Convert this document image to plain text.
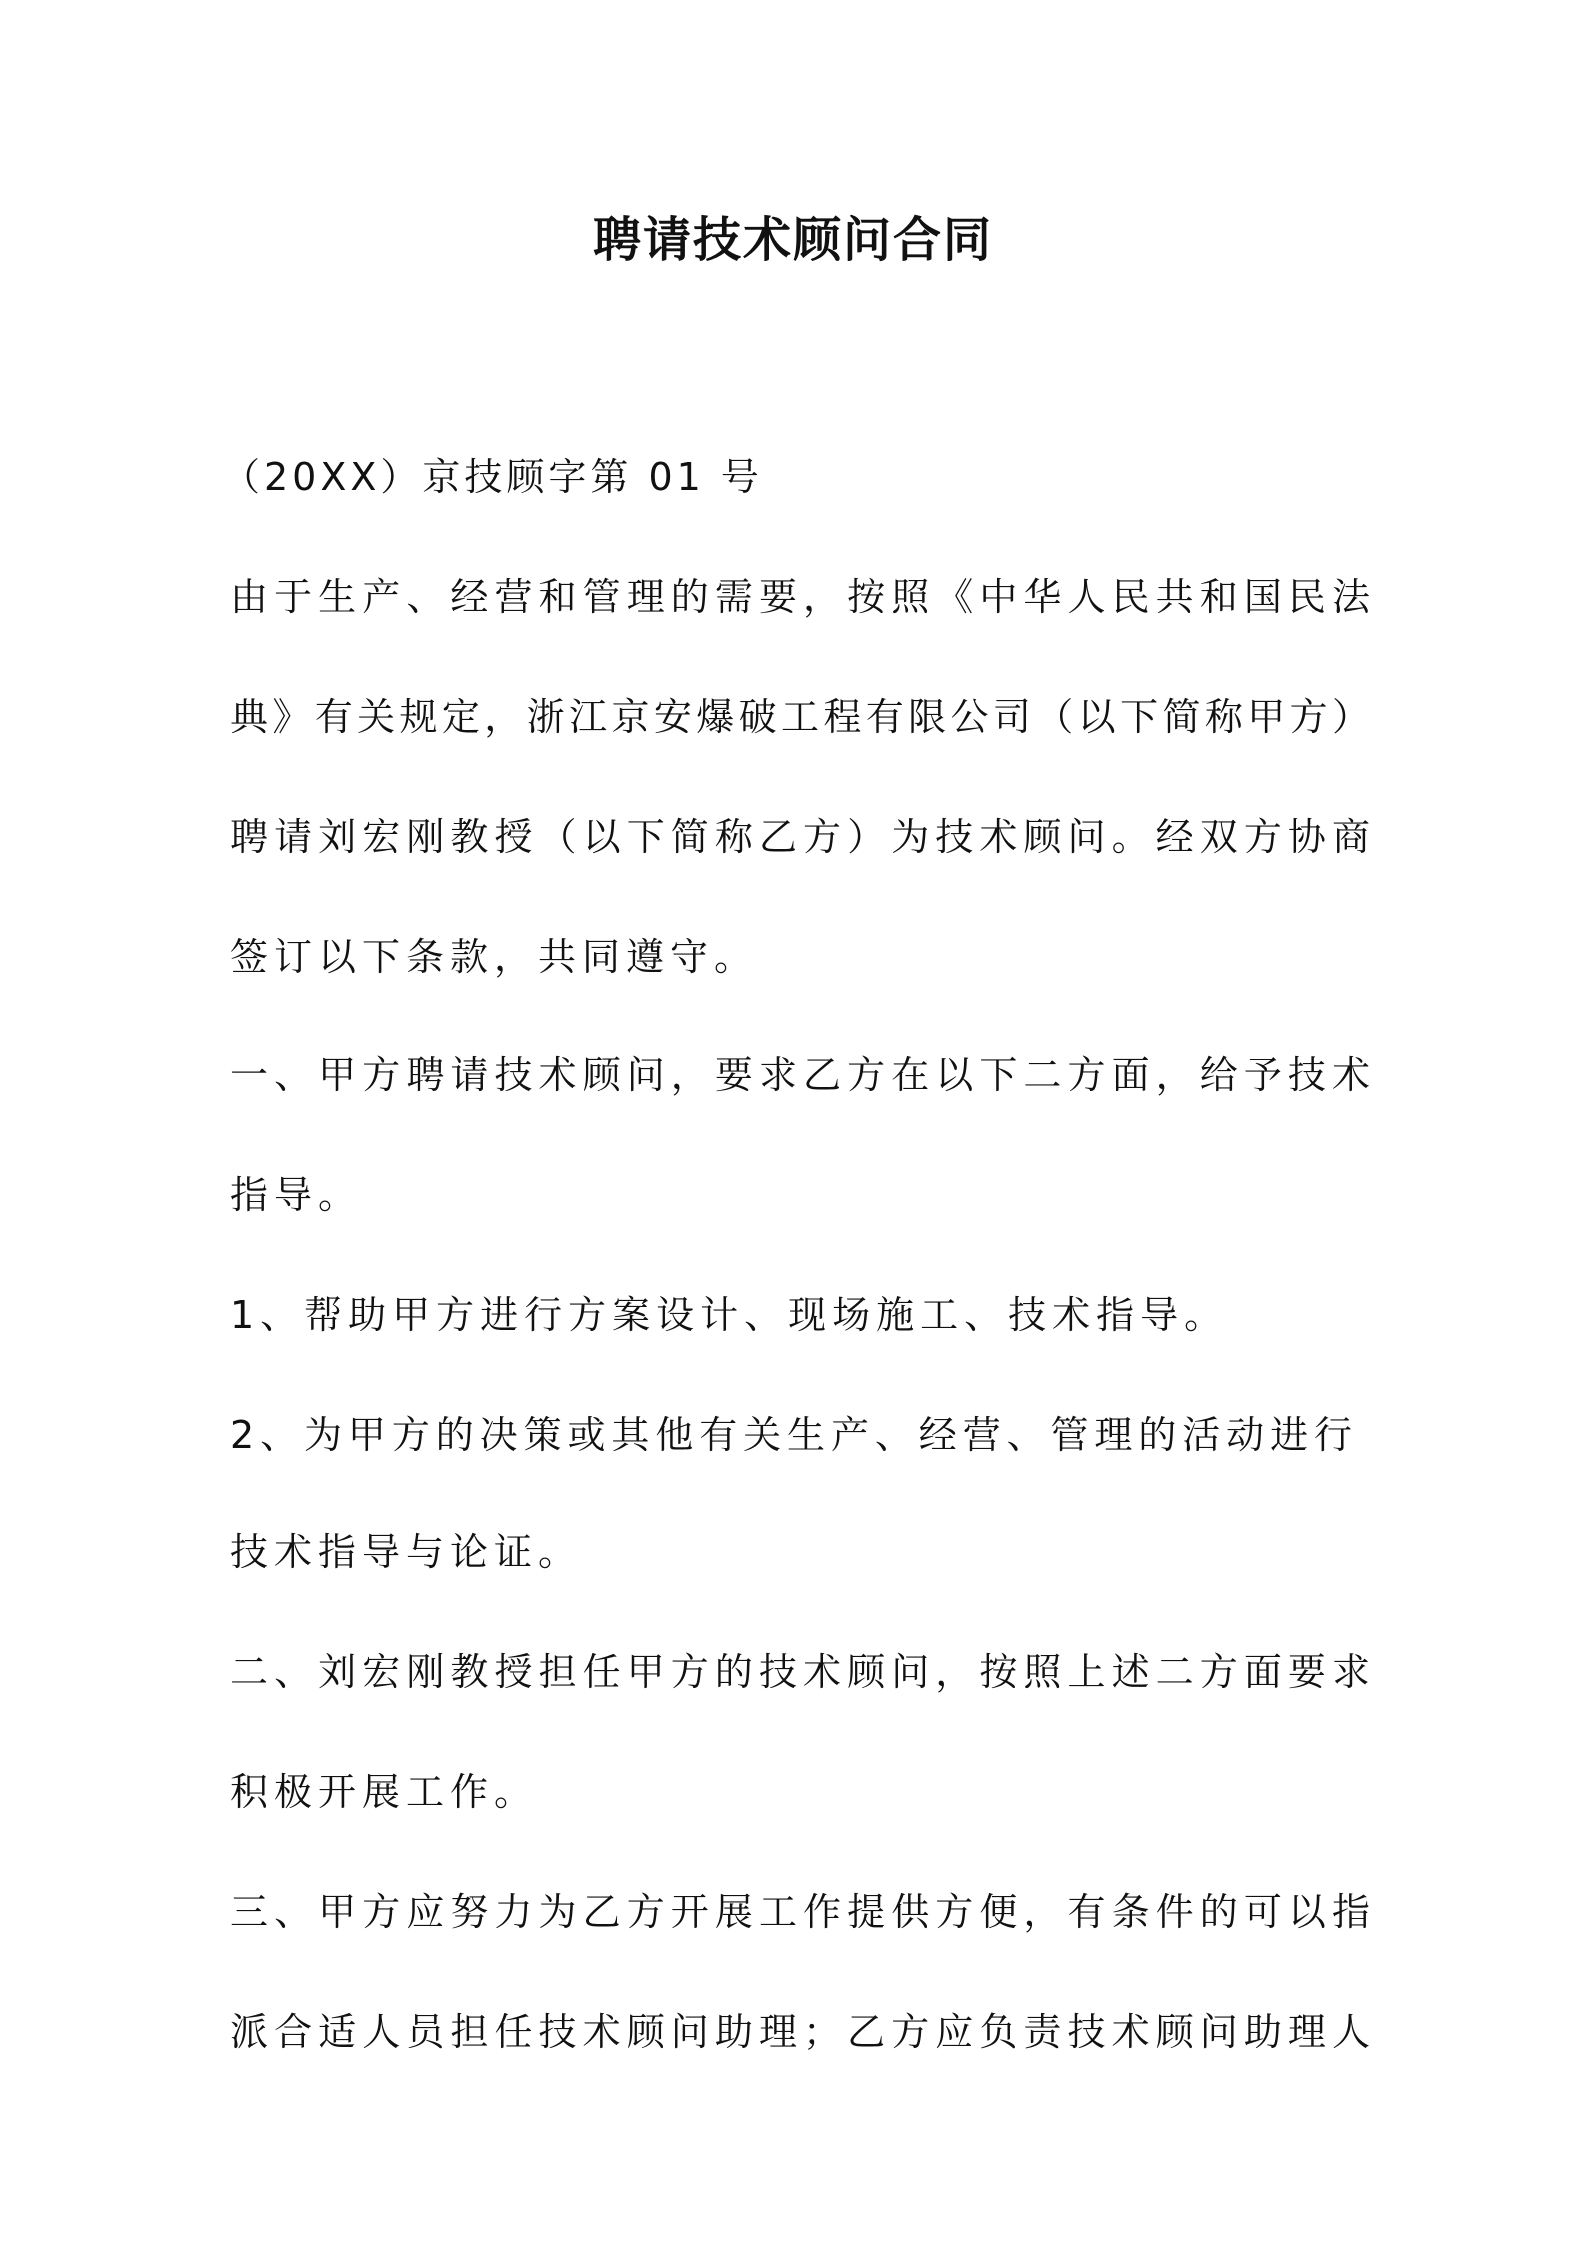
聘请技术顾问合同
（20XX）京技顾字第 01 号
由于生产、经营和管理的需要，按照《中华人民共和国民法
典》有关规定，浙江京安爆破工程有限公司（以下简称甲方）
聘请刘宏刚教授（以下简称乙方）为技术顾问。经双方协商
签订以下条款，共同遵守。
一、甲方聘请技术顾问，要求乙方在以下二方面，给予技术
指导。
1、帮助甲方进行方案设计、现场施工、技术指导。
2、为甲方的决策或其他有关生产、经营、管理的活动进行
技术指导与论证。
二、刘宏刚教授担任甲方的技术顾问，按照上述二方面要求
积极开展工作。
三、甲方应努力为乙方开展工作提供方便，有条件的可以指
派合适人员担任技术顾问助理；乙方应负责技术顾问助理人
